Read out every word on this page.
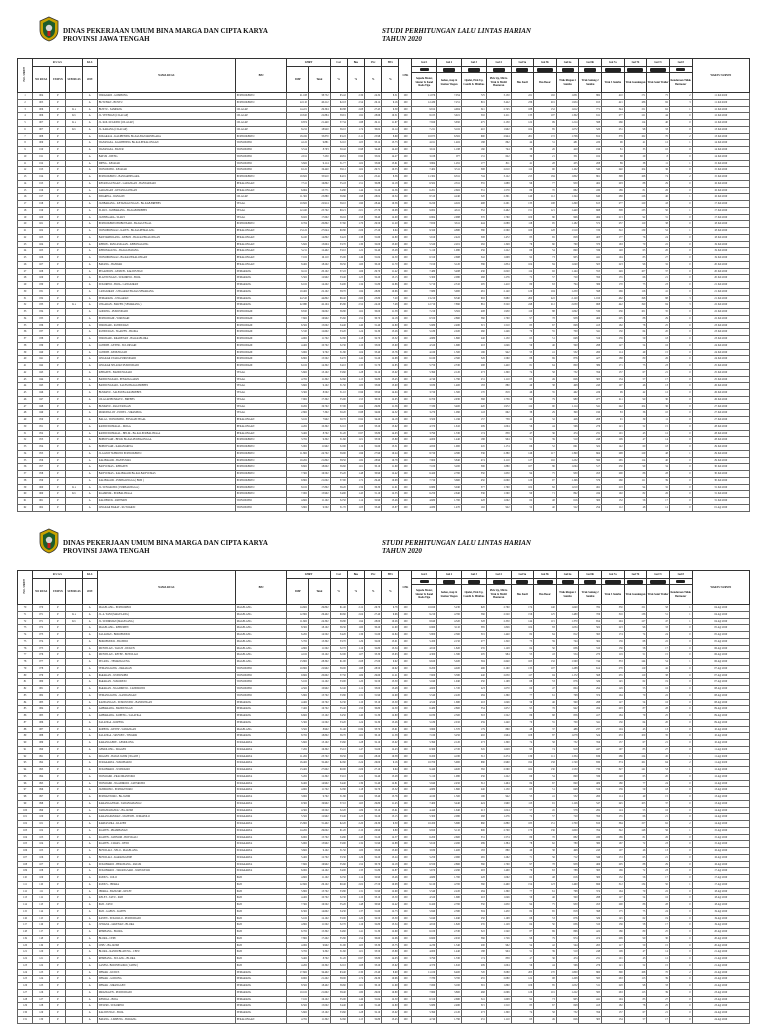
DINAS PEKERJAAN UMUM BINA MARGA DAN CIPTA KARYA
PROVINSI JAWA TENGAH
STUDI PERHITUNGAN LALU LINTAS HARIAN
TAHUN 2020
NO. URUT	R U A S			KLS	NAMA RUAS	BPJ	LHRT		Car	Bus	LVc	HVc	CEK	Gol 1	Gol 2	Gol 3	Gol 4	Gol 5a	Gol 5b	Gol 6a	Gol 6b	Gol 7a	Gol 7b	Gol 7c	Gol 8	WAKTU SURVEI
	NO RUAS	STATUS	SUB RUAS	2019			SMP	Total	%	%	%	%			

														Sepeda Motor, Skuter & Kend Roda Tiga	Sedan, Jeep & Station Wagon	Opelet, Pick Up, Combi & Minibus	Pick Up, Micro Truk & Mobil Hantaran	Bus Kecil	Bus Besar	Truk Ringan 2 Sumbu	Truk Sedang 2 Sumbu	Truk 3 Sumbu	Truk Gandengan	Truk Semi Trailer	Kendaraan Tidak Bermotor	
1	004	P		A	WIRADADI - GOMBONG	PURWOKERTO	21.108	38.752	65.42	2.36	24.32	8.51	100	11.976	7.054	725	3.150	221	192	1.831	882	410	171	75	2	11 Juli 2020
2	005	P		A	BUTUHAN - BUNTU	PURWOKERTO	22.110	40.212	62.18	2.54	26.12	9.16	100	12.430	7.251	801	3.422	236	201	1.954	915	421	186	82	3	11 Juli 2020
3	006	P	K a	A	BUNTU - SAMPANG	CILACAP	14.221	29.304	60.88	2.08	27.45	9.59	100	9.812	4.904	611	2.745	188	152	1.612	771	344	151	62	1	12 Juli 2020
4	006	P	K b	A	JL. VETERAN (CILACAP)	CILACAP	10.610	22.884	58.91	1.92	28.66	10.51	100	8.105	3.921	502	2.211	133	107	1.302	611	277	121	44	0	12 Juli 2020
5	007	P	K a	A	JL. KOL.SUGIONO (CILACAP)	CILACAP	9.874	21.440	57.34	1.88	29.11	11.67	100	7.820	3.650	475	2.130	122	99	1.214	588	266	114	40	0	12 Juli 2020
6	007	P	K b	A	JL. KARANG (CILACAP)	CILACAP	8.212	18.920	56.10	1.74	30.02	12.14	100	7.211	3.102	410	1.902	104	85	1.072	520	231	98	33	0	13 Juli 2020
7	008	P		A	SOKARAJA - KALIBENING Bts.Kab.BANJARNEGARA	PURWOKERTO	18.432	33.870	63.22	2.11	25.98	8.69	100	10.975	6.302	690	2.944	201	172	1.706	812	376	162	70	2	13 Juli 2020
8	009	P		A	WANAYASA - KALIBENING Bts.Kab.PEKALONGAN	WONOSOBO	4.122	9.881	52.10	1.05	33.12	13.73	100	4.011	1.402	188	862	44	31	481	220	96	41	12	1	14 Juli 2020
9	010	P		A	WANAYASA - BATUR	WONOSOBO	3.514	8.703	50.42	0.98	34.40	14.20	100	3.612	1.188	160	744	38	26	420	196	81	35	10	0	14 Juli 2020
10	011	P		A	BATUR - DIENG	WONOSOBO	2.911	7.250	49.81	0.90	35.02	14.27	100	3.108	977	131	622	30	21	351	162	68	29	8	0	14 Juli 2020
11	012	P		A	DIENG - KEJAJAR	WONOSOBO	3.822	9.114	51.77	1.02	33.60	13.61	100	3.804	1.291	177	811	41	28	455	208	89	38	11	1	15 Juli 2020
12	013	P		A	WONOSOBO - KEJAJAR	WONOSOBO	9.122	19.440	58.12	1.62	29.71	10.55	100	7.402	3.511	398	2.010	112	90	1.102	540	240	104	36	0	15 Juli 2020
13	014	P		A	PURWOKERTO - BANJARNEGARA	PURWOKERTO	19.822	35.910	64.01	2.22	25.41	8.36	100	11.302	6.811	744	3.122	215	184	1.802	861	398	168	74	2	15 Juli 2020
14	015	P		A	KETANGGUNGAN - LARANGAN - BANTARSARI	PEKALONGAN	7.511	16.802	55.43	1.51	30.88	12.18	100	6.502	2.811	355	1.688	96	77	950	462	203	88	29	0	16 Juli 2020
15	016	P		A	LARANGAN - KETANGGUNGAN	PEKALONGAN	6.904	15.771	54.80	1.44	31.20	12.56	100	6.201	2.602	331	1.570	89	70	882	430	189	81	26	0	16 Juli 2020
16	017	P		A	SIDAREJA - WANGON	CILACAP	11.302	23.880	59.66	1.98	28.02	10.34	100	8.510	4.240	520	2.301	140	112	1.344	640	288	126	46	1	16 Juli 2020
17	018	P		A	JATIBARANG - KETANGGUNGAN - Bts.KAB.BREBES	TEGAL	10.822	22.914	59.10	1.90	28.44	10.56	100	8.220	4.022	498	2.201	133	108	1.290	615	277	120	43	0	17 Juli 2020
18	019	P		A	SLAWI - JATIBARANG - Bts.KAB.BREBES	TEGAL	12.410	25.702	60.21	2.01	27.70	10.08	100	9.002	4.611	552	2.462	151	121	1.440	688	308	133	50	1	17 Juli 2020
19	020	P		A	JATINEGARA - SLAWI	TEGAL	8.022	17.602	56.02	1.58	30.40	12.00	100	6.804	2.988	370	1.760	100	80	996	484	213	92	31	0	17 Juli 2020
20	021	P		A	PURWOKERTO/BOBOTSARI - Bts.Kab.TEGAL	PURWOKERTO	9.704	20.802	57.60	1.70	29.50	11.20	100	7.650	3.611	444	2.088	118	95	1.182	572	257	110	38	0	18 Juli 2020
21	022	P		A	WONOPRINGGO - KAJEN - Bts.Kab.PEMALANG	PEKALONGAN	13.122	27.044	60.80	2.06	27.20	9.94	100	9.320	4.880	580	2.560	160	128	1.510	720	322	139	52	1	18 Juli 2020
22	023	P		A	BANTARBOLANG - KEBON - Bts.Kab.PEKALONGAN	PEKALONGAN	6.410	14.802	54.22	1.38	31.60	12.80	100	5.910	2.422	308	1.472	83	65	828	403	177	76	24	0	18 Juli 2020
23	024	P		A	KEBON - PANCASILAAN - KEBONAGUNG	PEKALONGAN	5.822	13.604	53.70	1.30	32.00	13.00	100	5.520	2.201	282	1.348	76	60	760	370	163	70	22	0	19 Juli 2020
24	025	P		A	KEBONAGUNG - Bts.Kab.BATANG	PEKALONGAN	5.211	12.402	53.10	1.22	32.40	13.28	100	5.110	1.980	256	1.222	69	54	690	336	148	63	20	0	19 Juli 2020
25	026	P		A	WONOPRINGGO - Bts.Kab.PEKALONGAN	PEKALONGAN	7.102	16.110	55.00	1.46	31.04	12.50	100	6.310	2.688	342	1.608	92	73	905	441	194	83	27	0	19 Juli 2020
26	027	P		A	BATANG - BANDAR	PEKALONGAN	8.402	18.202	56.50	1.60	30.20	11.70	100	7.010	3.120	386	1.834	104	84	1.040	505	223	96	32	0	20 Juli 2020
27	028	P		A	PEGANDON - GEMUH - KALIWUNGU	SEMARANG	9.411	20.102	57.22	1.66	29.70	11.42	100	7.480	3.488	430	2.020	114	92	1.144	555	249	107	37	0	20 Juli 2020
28	029	P		A	PLANTUNGAN - SUKOREJO - BOJA	SEMARANG	5.502	12.902	53.40	1.25	32.20	13.15	100	5.300	2.080	268	1.276	72	57	720	350	155	66	21	0	20 Juli 2020
29	030	P		A	SUKOREJO - BOJA - CANGKIRAN	SEMARANG	6.102	14.202	54.00	1.34	31.80	12.86	100	5.710	2.310	295	1.410	80	63	794	386	170	73	23	0	21 Juli 2020
30	031	P		A	CANGKIRAN - UNGARAN Bts.Kab.SEMARANG	SEMARANG	10.402	22.102	58.70	1.84	28.80	10.66	100	7.980	3.900	481	2.140	129	104	1.250	598	269	116	41	0	21 Juli 2020
31	032	P		A	SEMARANG - UNGARAN	SEMARANG	24.510	44.802	66.40	2.60	23.80	7.20	100	13.210	8.340	902	3.680	260	222	2.120	1.010	462	198	88	3	21 Juli 2020
32	033	P	K a	A	UNGARAN - BAWEN ( SEMARANG )	SEMARANG	22.980	42.104	65.80	2.52	24.20	7.48	100	12.710	7.890	861	3.520	248	212	2.030	968	442	190	84	3	22 Juli 2020
33	034	P		A	GODONG - PURWODADI	PURWODADI	8.810	19.002	56.80	1.62	30.00	11.58	100	7.210	3.302	408	1.930	110	88	1.092	530	236	101	35	0	22 Juli 2020
34	035	P		A	PURWODADI - WIROSARI	PURWODADI	7.602	16.902	55.60	1.52	30.70	12.18	100	6.550	2.860	360	1.700	97	78	958	466	205	88	29	0	22 Juli 2020
35	036	P		A	WIROSARI - KUNDURAN	PURWODADI	6.502	15.002	54.40	1.40	31.40	12.80	100	5.980	2.480	315	1.510	85	67	848	413	182	78	25	0	23 Juli 2020
36	037	P		A	KUNDURAN - NGAWEN - BLORA	PURWODADI	5.310	12.602	53.20	1.24	32.30	13.26	100	5.180	2.020	260	1.246	70	55	700	341	150	64	20	0	23 Juli 2020
37	038	P		A	WIROSARI - KRADENAN - Bts.Kab.BLORA	PURWODADI	4.902	11.702	52.80	1.18	32.70	13.32	100	4.880	1.860	240	1.150	65	51	648	316	139	59	18	0	23 Juli 2020
38	039	P		A	GUNDIH - GEYER - SULURSARI	PURWODADI	4.402	10.702	52.30	1.10	33.00	13.60	100	4.520	1.680	218	1.046	59	46	590	288	127	54	16	0	24 Juli 2020
39	040	P		A	GUNDIH - KEDUNGJATI	PURWODADI	3.902	9.702	51.80	1.04	33.40	13.76	100	4.160	1.500	196	942	53	41	532	260	114	49	15	0	24 Juli 2020
40	041	P		A	LINGKAR UTARA PURWODADI	PURWODADI	6.802	15.502	54.70	1.42	31.20	12.68	100	6.160	2.560	326	1.560	88	69	876	427	188	80	26	0	24 Juli 2020
41	042	P		A	LINGKAR SELATAN PURWODADI	PURWODADI	6.102	14.302	54.10	1.35	31.70	12.85	100	5.750	2.330	298	1.420	81	64	800	389	171	73	23	0	25 Juli 2020
42	043	P		A	KEBASEN - BANDUNGSARI	TEGAL	5.602	13.102	53.60	1.28	32.10	13.02	100	5.390	2.120	273	1.300	74	58	732	356	157	67	21	0	25 Juli 2020
43	044	P		A	BANDUNGSARI - PENANGGAPAN	TEGAL	4.702	11.302	52.60	1.15	32.80	13.45	100	4.740	1.790	231	1.110	63	49	626	305	134	57	17	0	25 Juli 2020
44	045	P		A	BANDUNGSARI - SALEM Bts.Kab.BREBES	TEGAL	3.602	9.102	51.50	1.00	33.60	13.90	100	3.930	1.400	183	880	49	38	498	243	107	46	13	0	26 Juli 2020
45	046	P		A	BUMIAYU - SALEM Bts.Kab.BREBES	TEGAL	3.302	8.502	51.10	0.96	33.90	14.04	100	3.720	1.300	170	818	46	35	462	226	99	42	12	0	26 Juli 2020
46	047	P		A	CILACAP/BUMIAYU - BREBES	TEGAL	7.902	17.302	55.90	1.55	30.50	12.05	100	6.700	2.930	368	1.736	99	79	980	477	211	90	30	0	26 Juli 2020
47	048	P		A	BUMIAYU - PAGUYANGAN	TEGAL	9.202	19.702	57.00	1.64	29.80	11.56	100	7.330	3.400	420	1.972	112	90	1.114	541	242	104	36	0	27 Juli 2020
48	049	P		A	MORONGLOT - POWEL - SIRAMPOG	TEGAL	2.802	7.302	50.20	0.88	34.60	14.32	100	3.270	1.090	143	692	38	29	390	190	83	36	10	0	27 Juli 2020
49	050	P		A	BALAI - WONOSOBO - BTS.KAB.TEGAL	PEKALONGAN	3.102	7.902	50.70	0.92	34.20	14.18	100	3.500	1.196	157	758	42	32	426	208	91	39	11	0	27 Juli 2020
50	051	P		A	RANDUDONGKAL - MOGA	PEKALONGAN	4.202	10.302	52.10	1.08	33.20	13.62	100	4.370	1.610	209	1.004	56	44	566	276	121	52	15	0	28 Juli 2020
51	052	P		A	RANDUDONGKAL - BELIK - Bts.Kab.PURBALINGGA	PEKALONGAN	3.402	8.702	51.20	0.97	33.80	14.03	100	3.790	1.330	174	838	47	36	474	231	101	43	12	0	28 Juli 2020
52	053	P		A	BOBOTSARI - BELIK Bts.Kab.PURBALINGGA	PURWOKERTO	3.702	9.302	51.60	1.01	33.50	13.89	100	4.000	1.440	188	904	51	39	510	248	109	47	14	0	28 Juli 2020
53	054	P		A	BOBOTSARI - KARANGREJA	PURWOKERTO	5.002	11.902	52.90	1.19	32.60	13.31	100	4.950	1.900	245	1.174	66	52	661	322	142	60	18	0	29 Juli 2020
54	055	P		A	JL.GATOT SUBROTO PURWOKERTO	PURWOKERTO	11.802	24.702	59.90	1.96	27.90	10.24	100	8.720	4.380	536	2.380	146	117	1.390	664	298	129	48	1	29 Juli 2020
55	056	P		A	KALIBAGOR - BANYUMAS	PURWOKERTO	10.202	21.802	58.50	1.82	28.90	10.78	100	7.900	3.840	474	2.110	127	102	1.232	590	265	114	40	0	29 Juli 2020
56	057	P		A	BANYUMAS - KEBASEN	PURWOKERTO	8.602	18.602	56.60	1.61	30.10	11.69	100	7.100	3.200	396	1.880	107	86	1.064	517	230	99	34	0	30 Juli 2020
57	058	P		A	BANYUMAS - KALIBAGOR Bts.Kab.BANYUMAS	PURWOKERTO	7.302	16.502	55.20	1.48	30.90	12.42	100	6.420	2.760	350	1.650	94	75	930	453	200	86	28	0	30 Juli 2020
58	059	P		A	KALIBAGOR - PURBALINGGA ( BMS )	PURWOKERTO	9.802	21.002	57.90	1.72	29.40	10.98	100	7.720	3.660	450	2.060	120	97	1.196	579	260	111	39	0	30 Juli 2020
59	060	P	K a	A	JL. SUNGKONO ( PURBALINGGA )	PURWOKERTO	8.102	17.802	56.20	1.59	30.30	11.91	100	6.880	3.040	377	1.790	102	82	1.010	491	218	94	32	0	31 Juli 2020
60	060	P	K b	A	KLAMPOK - PURBALINGGA	PURWOKERTO	7.002	15.902	54.90	1.45	31.10	12.55	100	6.250	2.640	336	1.590	90	71	892	434	192	82	26	0	31 Juli 2020
61	061	P		A	KALIJERUK - PATEMON	WONOSOBO	4.602	11.102	52.50	1.14	32.90	13.46	100	4.680	1.760	228	1.092	62	48	616	300	132	56	17	0	31 Juli 2020
62	062	P		A	LINGKAR BARAT - KUTOARJO	WONOSOBO	3.802	9.502	51.70	1.03	33.40	13.87	100	4.080	1.470	192	922	52	40	522	254	112	48	14	0	01 Agt 2020

DINAS PEKERJAAN UMUM BINA MARGA DAN CIPTA KARYA
PROVINSI JAWA TENGAH
STUDI PERHITUNGAN LALU LINTAS HARIAN
TAHUN 2020
NO. URUT	R U A S			KLS	NAMA RUAS	BPJ	LHRT		Car	Bus	LVc	HVc	CEK	Gol 1	Gol 2	Gol 3	Gol 4	Gol 5a	Gol 5b	Gol 6a	Gol 6b	Gol 7a	Gol 7b	Gol 7c	Gol 8	WAKTU SURVEI
	NO RUAS	STATUS	SUB RUAS	2019			SMP	Total	%	%	%	%			

														Sepeda Motor, Skuter & Kend Roda Tiga	Sedan, Jeep & Station Wagon	Opelet, Pick Up, Combi & Minibus	Pick Up, Micro Truk & Mobil Hantaran	Bus Kecil	Bus Besar	Truk Ringan 2 Sumbu	Truk Sedang 2 Sumbu	Truk 3 Sumbu	Truk Gandengan	Truk Semi Trailer	Kendaraan Tidak Bermotor	
70	070	P		A	MAGELANG - PURWOREJO	MAGELANG	14.602	29.802	61.40	2.12	26.70	9.78	100	10.020	5.230	620	2.760	174	140	1.640	782	350	151	58	1	04 Agt 2020
71	071	P	K a	A	JL. A. YANI (MAGELANG)	MAGELANG	12.802	26.402	60.60	2.04	27.40	9.96	100	9.210	4.760	566	2.520	156	125	1.480	706	316	136	51	1	04 Agt 2020
72	071	P	K b	A	JL. SUDIRMAN (MAGELANG)	MAGELANG	11.602	24.302	59.80	1.94	28.00	10.26	100	8.640	4.320	528	2.350	144	115	1.370	654	294	127	47	1	04 Agt 2020
73	072	P		A	MAGELANG - KEBUMEN	MAGELANG	8.302	18.102	56.30	1.60	30.20	11.90	100	6.960	3.110	385	1.826	104	83	1.034	502	223	96	33	0	05 Agt 2020
74	073	P		A	SALAMAN - BOROBUDUR	MAGELANG	6.202	14.502	54.20	1.36	31.60	12.84	100	5.800	2.360	301	1.440	82	64	812	395	174	74	24	0	05 Agt 2020
75	074	P		A	BOROBUDUR - BLONDO	MAGELANG	5.702	13.302	53.70	1.29	32.00	13.01	100	5.450	2.150	277	1.320	75	59	744	362	159	68	22	0	05 Agt 2020
76	075	P		A	MUNTILAN - TALUN - DUKUN	MAGELANG	4.802	11.502	52.70	1.16	32.80	13.34	100	4.810	1.820	235	1.128	64	50	636	310	136	58	17	0	06 Agt 2020
77	076	P		A	MUNTILAN - KETEP - BOYOLALI	MAGELANG	4.102	10.102	52.00	1.07	33.30	13.63	100	4.300	1.580	205	984	55	43	554	270	119	51	15	0	06 Agt 2020
78	077	P		A	SECANG - TEMANGGUNG	MAGELANG	13.802	28.302	61.00	2.08	27.00	9.92	100	9.620	5.020	594	2.640	165	132	1.560	744	333	144	54	1	06 Agt 2020
79	078	P		A	TEMANGGUNG - PARAKAN	WONOSOBO	10.802	22.902	59.00	1.88	28.50	10.62	100	8.200	4.020	496	2.190	133	107	1.288	614	276	119	42	0	07 Agt 2020
80	079	P		A	PARAKAN - WONOSOBO	WONOSOBO	9.602	20.602	57.50	1.69	29.60	11.21	100	7.600	3.580	440	2.050	117	94	1.172	568	255	110	38	0	07 Agt 2020
81	080	P		A	PARAKAN - SUKOREJO	WONOSOBO	5.102	12.102	53.00	1.20	32.50	13.30	100	5.040	1.940	250	1.198	68	53	676	329	145	62	19	0	07 Agt 2020
82	081	P		A	PARAKAN - NGADIREJO - CANDIROTO	WONOSOBO	4.502	10.902	52.40	1.12	33.00	13.48	100	4.600	1.720	223	1.070	60	47	604	294	129	55	16	0	08 Agt 2020
83	082	P		A	TEMANGGUNG - KANDANGAN	WONOSOBO	5.802	13.702	53.80	1.31	31.90	12.99	100	5.540	2.220	284	1.360	77	61	768	374	164	70	22	0	08 Agt 2020
84	083	P		A	KANDANGAN - SUMOWONO - BANDUNGAN	SEMARANG	4.402	10.702	52.30	1.10	33.10	13.50	100	4.520	1.680	218	1.046	59	46	590	288	127	54	16	0	08 Agt 2020
85	084	P		A	AMBARAWA - BANDUNGAN	SEMARANG	7.402	16.702	55.40	1.50	30.80	12.30	100	6.480	2.800	354	1.672	95	76	942	459	203	87	28	0	09 Agt 2020
86	085	P		A	AMBARAWA - KOPENG - SALATIGA	SEMARANG	6.602	15.102	54.50	1.40	31.30	12.80	100	6.030	2.500	318	1.522	86	68	856	417	184	79	25	0	09 Agt 2020
87	086	P		A	SALATIGA - KOPENG	SEMARANG	5.302	12.502	53.20	1.24	32.30	13.26	100	5.180	2.010	259	1.240	70	55	700	341	150	64	20	0	09 Agt 2020
88	087	P		A	KOPENG - KETEP - SAWANGAN	MAGELANG	3.502	8.902	51.40	0.99	33.70	13.91	100	3.860	1.370	179	860	48	37	486	237	104	45	13	0	10 Agt 2020
89	088	P		A	SALATIGA - SRUWEN - TINGKIR	SEMARANG	8.702	18.802	56.70	1.62	30.10	11.58	100	7.160	3.250	402	1.904	108	87	1.078	524	233	100	35	0	10 Agt 2020
90	089	P		A	KARANGGEDE - GEMOLONG	SURAKARTA	5.602	13.102	53.60	1.28	32.10	13.02	100	5.390	2.120	273	1.300	74	58	732	356	157	67	21	0	10 Agt 2020
91	090	P		A	GEMOLONG - SRAGEN	SURAKARTA	7.202	16.302	55.10	1.47	31.00	12.43	100	6.360	2.720	345	1.628	93	74	918	447	197	85	27	0	11 Agt 2020
92	091	P		A	SRAGEN - BATAS JATIM ( NGAWI )	SURAKARTA	11.202	23.702	59.50	1.92	28.20	10.38	100	8.450	4.180	512	2.274	139	111	1.334	636	286	124	45	1	11 Agt 2020
93	092	P		A	SURAKARTA - SUKOHARJO	SURAKARTA	16.402	32.402	62.60	2.24	26.00	9.16	100	10.700	5.900	680	2.960	192	158	1.740	830	374	161	64	2	11 Agt 2020
94	093	P		A	SUKOHARJO - WONOGIRI	SURAKARTA	13.402	27.602	60.90	2.06	27.10	9.94	100	9.440	4.920	582	2.590	162	130	1.530	730	327	141	53	1	12 Agt 2020
95	094	P		A	WONOGIRI - PRACIMANTORO	SURAKARTA	5.202	12.302	53.10	1.22	32.40	13.28	100	5.110	1.980	256	1.222	69	54	690	336	148	63	20	0	12 Agt 2020
96	095	P		A	WONOGIRI - NGADIROJO - JATISRONO	SURAKARTA	6.402	14.902	54.40	1.39	31.40	12.81	100	5.940	2.450	312	1.494	84	67	840	409	180	77	24	0	12 Agt 2020
97	096	P		A	JATISRONO - PURWANTORO	SURAKARTA	4.902	11.702	52.80	1.18	32.70	13.32	100	4.880	1.860	240	1.150	65	51	648	316	139	59	18	0	13 Agt 2020
98	097	P		A	PURWANTORO - Bts.JATIM	SURAKARTA	3.902	9.702	51.80	1.04	33.40	13.76	100	4.160	1.500	196	942	53	41	532	260	114	49	15	0	13 Agt 2020
99	098	P		A	KARANGANYAR - TAWANGMANGU	SURAKARTA	9.302	19.902	57.10	1.65	29.80	11.45	100	7.400	3.440	424	1.990	113	91	1.126	547	245	105	37	0	13 Agt 2020
100	099	P		A	TAWANGMANGU - Bts.JATIM	SURAKARTA	4.302	10.502	52.20	1.09	33.10	13.61	100	4.440	1.640	213	1.024	57	45	578	282	124	53	16	0	14 Agt 2020
101	100	P		A	KARANGPANDAN - MATESIH - JUMAPOLO	SURAKARTA	5.502	12.902	53.40	1.25	32.20	13.15	100	5.300	2.080	268	1.276	72	57	720	350	155	66	21	0	14 Agt 2020
102	101	P		A	KARTASURA - KLATEN	SURAKARTA	15.802	31.402	62.20	2.20	26.30	9.30	100	10.450	5.680	660	2.880	185	151	1.700	810	364	157	62	2	14 Agt 2020
103	102	P		A	KLATEN - PRAMBANAN	SURAKARTA	14.202	29.002	61.20	2.10	26.90	9.80	100	9.820	5.110	606	2.700	170	136	1.600	764	342	148	56	1	15 Agt 2020
104	103	P		A	KLATEN - JATINOM - BOYOLALI	SURAKARTA	6.902	15.702	54.80	1.43	31.20	12.57	100	6.200	2.600	331	1.574	89	70	882	430	189	81	26	0	15 Agt 2020
105	104	P		A	KLATEN - CAWAS - WEDI	SURAKARTA	5.902	13.902	53.90	1.32	31.90	12.88	100	5.610	2.260	289	1.384	78	62	780	380	167	72	23	0	15 Agt 2020
106	105	P		A	BOYOLALI - SELO - MAGELANG	SURAKARTA	3.602	9.102	51.50	1.00	33.60	13.90	100	3.930	1.400	183	880	49	38	498	243	107	46	13	0	16 Agt 2020
107	106	P		A	BOYOLALI - KARANGGEDE	SURAKARTA	5.402	12.702	53.30	1.26	32.20	13.24	100	5.250	2.060	265	1.262	71	56	712	346	153	65	21	0	16 Agt 2020
108	107	P		A	SUKOHARJO - BEKONANG - PALUR	SURAKARTA	7.602	16.902	55.60	1.52	30.70	12.18	100	6.550	2.860	360	1.700	97	78	958	466	205	88	29	0	16 Agt 2020
109	108	P		A	SUKOHARJO - TAWANGSARI - WATUKELIR	SURAKARTA	6.002	14.102	54.00	1.33	31.80	12.87	100	5.670	2.290	293	1.400	79	63	788	383	169	72	23	0	17 Agt 2020
110	109	P		A	KUDUS - COLO	PATI	4.602	11.102	52.50	1.14	32.90	13.46	100	4.680	1.760	228	1.092	62	48	616	300	132	56	17	0	17 Agt 2020
111	110	P		A	KUDUS - JEPARA	PATI	12.602	26.102	60.40	2.02	27.50	10.08	100	9.120	4.700	560	2.490	154	123	1.460	696	312	134	50	1	17 Agt 2020
112	111	P		A	JEPARA - BANGSRI - KELET	PATI	5.802	13.702	53.80	1.31	31.90	12.99	100	5.540	2.220	284	1.360	77	61	768	374	164	70	22	0	18 Agt 2020
113	112	P		A	KELET - TAYU - PATI	PATI	4.402	10.702	52.30	1.10	33.10	13.50	100	4.520	1.680	218	1.046	59	46	590	288	127	54	16	0	18 Agt 2020
114	113	P		A	PATI - TAYU	PATI	7.302	16.502	55.20	1.48	30.90	12.42	100	6.420	2.760	350	1.650	94	75	930	453	200	86	28	0	18 Agt 2020
115	114	P		A	PATI - GABUS - KAYEN	PATI	6.302	14.602	54.30	1.37	31.60	12.73	100	5.840	2.380	304	1.450	82	65	818	398	175	75	24	0	19 Agt 2020
116	115	P		A	KAYEN - SUKOLILO - PURWODADI	PATI	5.102	12.102	53.00	1.20	32.50	13.30	100	5.040	1.940	250	1.198	68	53	676	329	145	62	19	0	19 Agt 2020
117	116	P		A	JUWANA - JAKENAN - BLORA	PATI	4.802	11.502	52.70	1.16	32.80	13.34	100	4.810	1.820	235	1.128	64	50	636	310	136	58	17	0	19 Agt 2020
118	117	P		A	REMBANG - BLORA	PATI	6.702	15.302	54.60	1.41	31.30	12.69	100	6.100	2.530	322	1.540	87	69	866	422	186	80	25	0	20 Agt 2020
119	118	P		A	BLORA - CEPU	PATI	7.802	17.202	55.80	1.54	30.60	12.06	100	6.660	2.910	366	1.726	98	79	974	474	209	90	30	0	20 Agt 2020
120	119	P		A	CEPU - Bts.JATIM	PATI	4.002	9.902	51.90	1.05	33.30	13.75	100	4.230	1.540	200	962	54	42	544	265	117	50	15	0	20 Agt 2020
121	120	P		A	BLORA - RANDUBLATUNG - CEPU	PATI	3.702	9.302	51.60	1.01	33.50	13.89	100	4.000	1.440	188	904	51	39	510	248	109	47	14	0	21 Agt 2020
122	121	P		A	REMBANG - SULANG - BLORA	PATI	3.402	8.702	51.20	0.97	33.80	14.03	100	3.790	1.330	174	838	47	36	474	231	101	43	12	0	21 Agt 2020
123	122	P		A	LASEM - BOJONEGORO ( JATIM )	PATI	4.202	10.302	52.10	1.08	33.20	13.62	100	4.370	1.610	209	1.004	56	44	566	276	121	52	15	0	21 Agt 2020
124	123	P		A	DEMAK - KUDUS	SEMARANG	17.602	34.402	63.40	2.30	25.40	8.90	100	11.100	6.400	720	3.080	205	170	1.800	860	390	168	70	2	22 Agt 2020
125	124	P		A	DEMAK - GODONG	SEMARANG	9.902	21.202	58.00	1.74	29.30	10.96	100	7.780	3.700	455	2.080	122	98	1.208	585	263	113	39	0	22 Agt 2020
126	125	P		A	DEMAK - MRANGGEN	SEMARANG	8.502	18.402	56.60	1.61	30.10	11.69	100	7.060	3.160	391	1.860	106	85	1.052	511	228	98	33	0	22 Agt 2020
127	126	P		A	MRANGGEN - PURWODADI	SEMARANG	10.102	21.602	58.40	1.80	29.00	10.80	100	7.860	3.800	468	2.096	126	101	1.222	585	263	113	39	0	23 Agt 2020
128	127	P		A	KENDAL - BOJA	SEMARANG	7.102	16.102	55.00	1.46	31.04	12.50	100	6.310	2.680	341	1.608	92	73	905	441	194	83	27	0	23 Agt 2020
129	128	P		A	WELERI - SUKOREJO	SEMARANG	6.502	15.002	54.40	1.40	31.40	12.80	100	5.980	2.480	315	1.510	85	67	848	413	182	78	25	0	23 Agt 2020
130	129	P		A	KALIWUNGU - BOJA	SEMARANG	5.602	13.102	53.60	1.28	32.10	13.02	100	5.390	2.120	273	1.300	74	58	732	356	157	67	21	0	24 Agt 2020
131	130	P		A	BATANG - LIMPUNG - BAWANG	PEKALONGAN	4.702	11.302	52.60	1.15	32.80	13.45	100	4.740	1.790	231	1.110	63	49	626	305	134	57	17	0	24 Agt 2020
